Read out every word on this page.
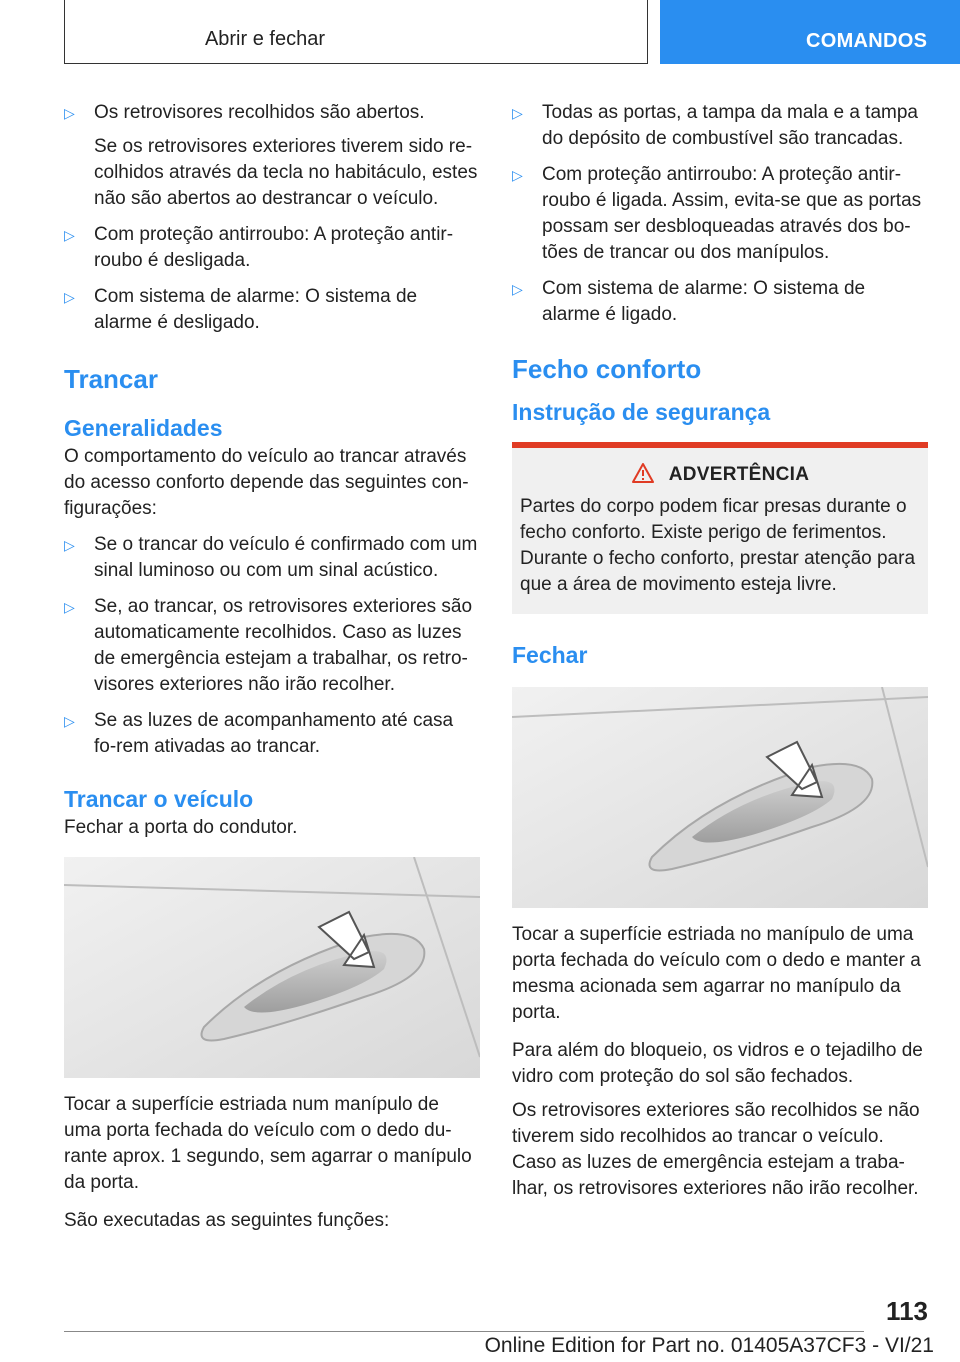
Abrir e fechar	COMANDOS
▷ Os retrovisores recolhidos são abertos.
Se os retrovisores exteriores tiverem sido re-colhidos através da tecla no habitáculo, estes não são abertos ao destrancar o veículo.
▷ Com proteção antirroubo: A proteção antir-roubo é desligada.
▷ Com sistema de alarme: O sistema de alarme é desligado.
Trancar
Generalidades

O comportamento do veículo ao trancar através do acesso conforto depende das seguintes con-figurações:

▷ Se o trancar do veículo é confirmado com um sinal luminoso ou com um sinal acústico.
▷ Se, ao trancar, os retrovisores exteriores são automaticamente recolhidos. Caso as luzes de emergência estejam a trabalhar, os retro-visores exteriores não irão recolher.
▷ Se as luzes de acompanhamento até casa fo-rem ativadas ao trancar.
Trancar o veículo

Fechar a porta do condutor.

Tocar a superfície estriada num manípulo de uma porta fechada do veículo com o dedo du-rante aprox. 1 segundo, sem agarrar o manípulo da porta.

São executadas as seguintes funções:

▷ Todas as portas, a tampa da mala e a tampa do depósito de combustível são trancadas.
▷ Com proteção antirroubo: A proteção antir-roubo é ligada. Assim, evita-se que as portas possam ser desbloqueadas através dos bo-tões de trancar ou dos manípulos.
▷ Com sistema de alarme: O sistema de alarme é ligado.
Fecho conforto
Instrução de segurança
ADVERTÊNCIA

Partes do corpo podem ficar presas durante o fecho conforto. Existe perigo de ferimentos. Durante o fecho conforto, prestar atenção para que a área de movimento esteja livre.

Fechar

Tocar a superfície estriada no manípulo de uma porta fechada do veículo com o dedo e manter a mesma acionada sem agarrar no manípulo da porta.

Para além do bloqueio, os vidros e o tejadilho de vidro com proteção do sol são fechados.

Os retrovisores exteriores são recolhidos se não tiverem sido recolhidos ao trancar o veículo. Caso as luzes de emergência estejam a traba-lhar, os retrovisores exteriores não irão recolher.

113
Online Edition for Part no. 01405A37CF3 - VI/21
